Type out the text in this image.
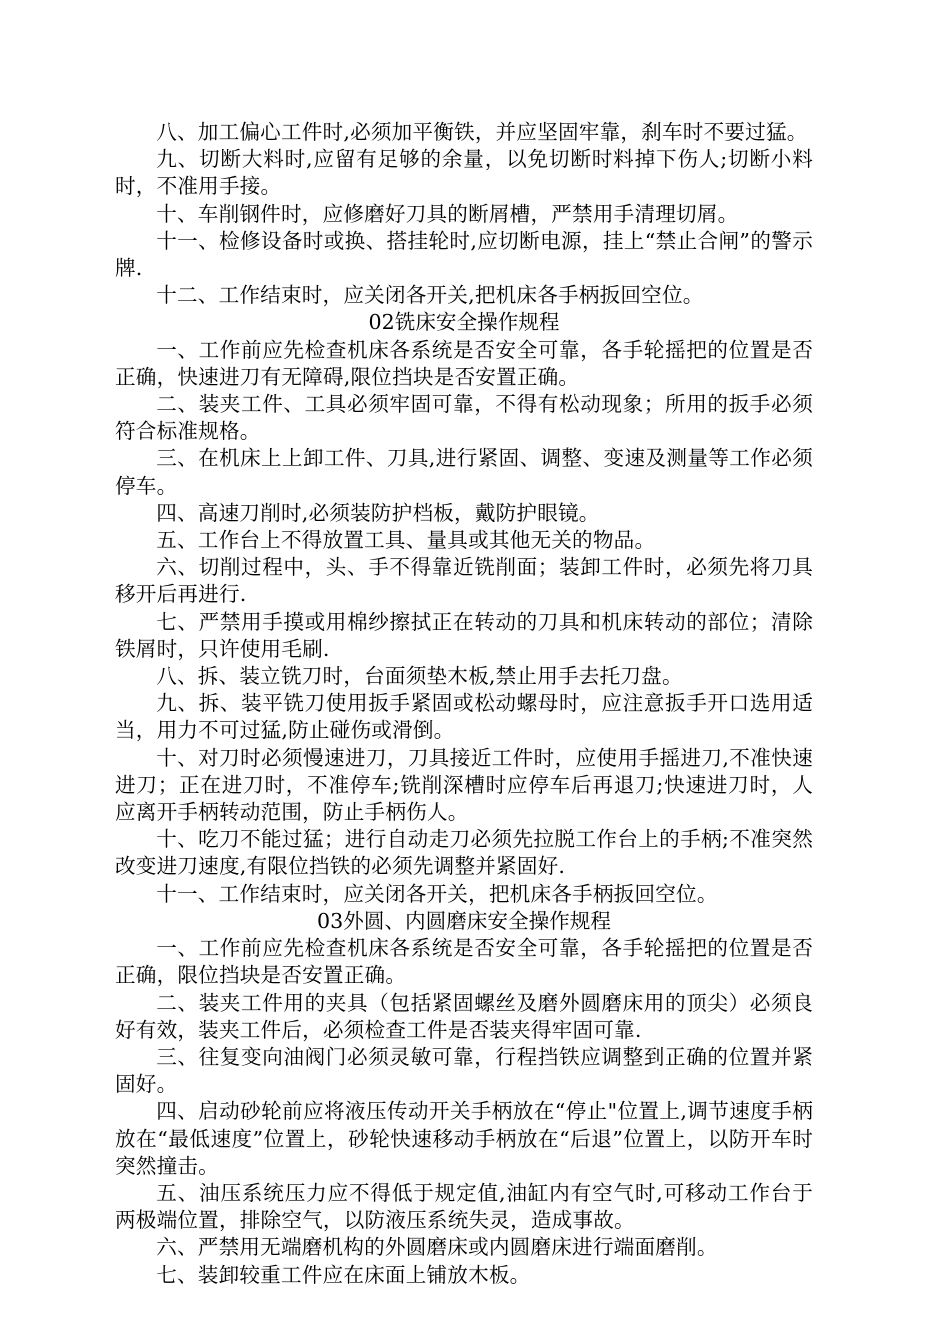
八、加工偏心工件时,必须加平衡铁，并应坚固牢靠，刹车时不要过猛。

九、切断大料时,应留有足够的余量，以免切断时料掉下伤人;切断小料时，不准用手接。

十、车削钢件时，应修磨好刀具的断屑槽，严禁用手清理切屑。

十一、检修设备时或换、搭挂轮时,应切断电源，挂上“禁止合闸”的警示牌.

十二、工作结束时，应关闭各开关,把机床各手柄扳回空位。

02铣床安全操作规程

一、工作前应先检查机床各系统是否安全可靠，各手轮摇把的位置是否正确，快速进刀有无障碍,限位挡块是否安置正确。

二、装夹工件、工具必须牢固可靠，不得有松动现象；所用的扳手必须符合标准规格。

三、在机床上上卸工件、刀具,进行紧固、调整、变速及测量等工作必须停车。

四、高速刀削时,必须装防护档板，戴防护眼镜。

五、工作台上不得放置工具、量具或其他无关的物品。

六、切削过程中，头、手不得靠近铣削面；装卸工件时，必须先将刀具移开后再进行.

七、严禁用手摸或用棉纱擦拭正在转动的刀具和机床转动的部位；清除铁屑时，只许使用毛刷.

八、拆、装立铣刀时，台面须垫木板,禁止用手去托刀盘。

九、拆、装平铣刀使用扳手紧固或松动螺母时，应注意扳手开口选用适当，用力不可过猛,防止碰伤或滑倒。

十、对刀时必须慢速进刀，刀具接近工件时，应使用手摇进刀,不准快速进刀；正在进刀时，不准停车;铣削深槽时应停车后再退刀;快速进刀时，人应离开手柄转动范围，防止手柄伤人。

十、吃刀不能过猛；进行自动走刀必须先拉脱工作台上的手柄;不准突然改变进刀速度,有限位挡铁的必须先调整并紧固好.

十一、工作结束时，应关闭各开关，把机床各手柄扳回空位。

03外圆、内圆磨床安全操作规程

一、工作前应先检查机床各系统是否安全可靠，各手轮摇把的位置是否正确，限位挡块是否安置正确。

二、装夹工件用的夹具（包括紧固螺丝及磨外圆磨床用的顶尖）必须良好有效，装夹工件后，必须检查工件是否装夹得牢固可靠.

三、往复变向油阀门必须灵敏可靠，行程挡铁应调整到正确的位置并紧固好。

四、启动砂轮前应将液压传动开关手柄放在“停止"位置上,调节速度手柄放在“最低速度”位置上，砂轮快速移动手柄放在“后退”位置上，以防开车时突然撞击。

五、油压系统压力应不得低于规定值,油缸内有空气时,可移动工作台于两极端位置，排除空气，以防液压系统失灵，造成事故。

六、严禁用无端磨机构的外圆磨床或内圆磨床进行端面磨削。

七、装卸较重工件应在床面上铺放木板。
